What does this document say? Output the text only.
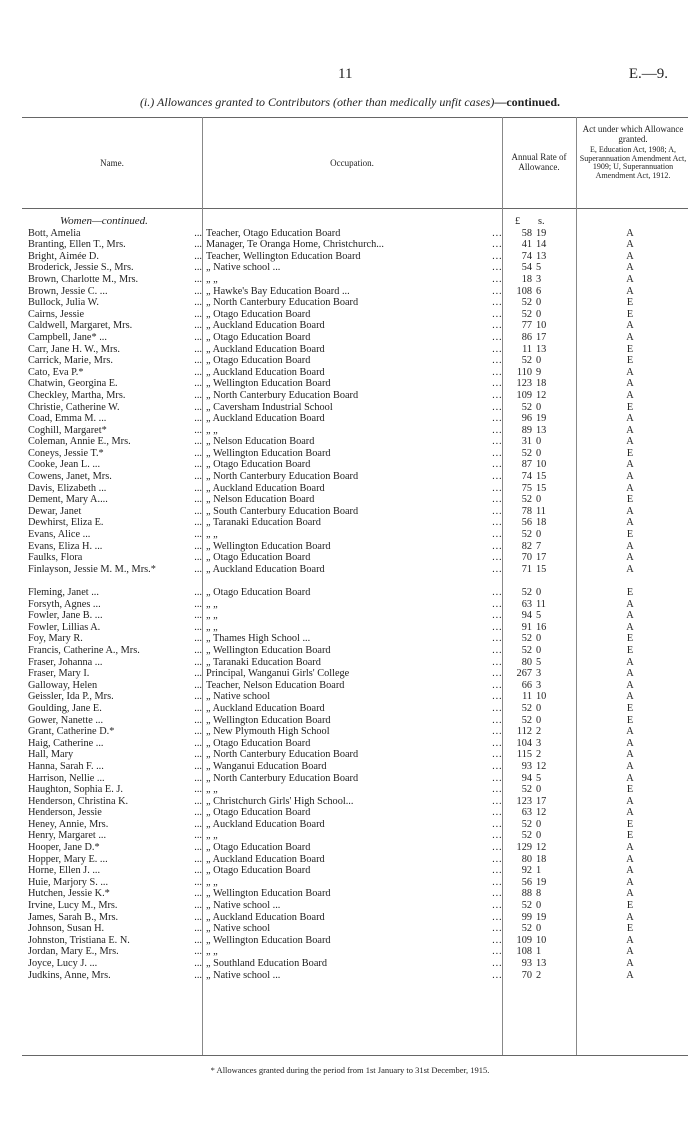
11	E.—9.
(i.) Allowances granted to Contributors (other than medically unfit cases)—continued.
Name.	Occupation.
Annual Rate of Allowance.
Act under which Allowance granted.
E, Education Act, 1908; A, Superannuation Amendment Act, 1909; U, Superannuation Amendment Act, 1912.
Women—continued.	£ s.
Bott, Amelia	... Teacher, Otago Education Board	…	58 19	A
Branting, Ellen T., Mrs.	... Manager, Te Oranga Home, Christchurch...	…	41 14	A
Bright, Aimée D.	... Teacher, Wellington Education Board	…	74 13	A
Broderick, Jessie S., Mrs.	... „ Native school ...	…	54 5	A
Brown, Charlotte M., Mrs.	... „ „	…	18 3	A
Brown, Jessie C. ...	... „ Hawke's Bay Education Board ...	…	108 6	A
Bullock, Julia W.	... „ North Canterbury Education Board	…	52 0	E
Cairns, Jessie	... „ Otago Education Board	…	52 0	E
Caldwell, Margaret, Mrs.	... „ Auckland Education Board	…	77 10	A
Campbell, Jane* ...	... „ Otago Education Board	…	86 17	A
Carr, Jane H. W., Mrs.	... „ Auckland Education Board	…	11 13	E
Carrick, Marie, Mrs.	... „ Otago Education Board	…	52 0	E
Cato, Eva P.*	... „ Auckland Education Board	…	110 9	A
Chatwin, Georgina E.	... „ Wellington Education Board	…	123 18	A
Checkley, Martha, Mrs.	... „ North Canterbury Education Board	…	109 12	A
Christie, Catherine W.	... „ Caversham Industrial School	…	52 0	E
Coad, Emma M. ...	... „ Auckland Education Board	…	96 19	A
Coghill, Margaret*	... „ „	…	89 13	A
Coleman, Annie E., Mrs.	... „ Nelson Education Board	…	31 0	A
Coneys, Jessie T.*	... „ Wellington Education Board	…	52 0	E
Cooke, Jean L. ...	... „ Otago Education Board	…	87 10	A
Cowens, Janet, Mrs.	... „ North Canterbury Education Board	…	74 15	A
Davis, Elizabeth ...	... „ Auckland Education Board	…	75 15	A
Dement, Mary A....	... „ Nelson Education Board	…	52 0	E
Dewar, Janet	... „ South Canterbury Education Board	…	78 11	A
Dewhirst, Eliza E.	... „ Taranaki Education Board	…	56 18	A
Evans, Alice ...	... „ „	…	52 0	E
Evans, Eliza H. ...	... „ Wellington Education Board	…	82 7	A
Faulks, Flora	... „ Otago Education Board	…	70 17	A
Finlayson, Jessie M. M., Mrs.*	... „ Auckland Education Board	…	71 15	A
Fleming, Janet ...	... „ Otago Education Board	…	52 0	E
Forsyth, Agnes ...	... „ „	…	63 11	A
Fowler, Jane B. ...	... „ „	…	94 5	A
Fowler, Lillias A.	... „ „	…	91 16	A
Foy, Mary R.	... „ Thames High School ...	…	52 0	E
Francis, Catherine A., Mrs.	... „ Wellington Education Board	…	52 0	E
Fraser, Johanna ...	... „ Taranaki Education Board	…	80 5	A
Fraser, Mary I.	... Principal, Wanganui Girls' College	…	267 3	A
Galloway, Helen	... Teacher, Nelson Education Board	…	66 3	A
Geissler, Ida P., Mrs.	... „ Native school	…	11 10	A
Goulding, Jane E.	... „ Auckland Education Board	…	52 0	E
Gower, Nanette ...	... „ Wellington Education Board	…	52 0	E
Grant, Catherine D.*	... „ New Plymouth High School	…	112 2	A
Haig, Catherine ...	... „ Otago Education Board	…	104 3	A
Hall, Mary	... „ North Canterbury Education Board	…	115 2	A
Hanna, Sarah F. ...	... „ Wanganui Education Board	…	93 12	A
Harrison, Nellie ...	... „ North Canterbury Education Board	…	94 5	A
Haughton, Sophia E. J.	... „ „	…	52 0	E
Henderson, Christina K.	... „ Christchurch Girls' High School...	…	123 17	A
Henderson, Jessie	... „ Otago Education Board	…	63 12	A
Heney, Annie, Mrs.	... „ Auckland Education Board	…	52 0	E
Henry, Margaret ...	... „ „	…	52 0	E
Hooper, Jane D.*	... „ Otago Education Board	…	129 12	A
Hopper, Mary E. ...	... „ Auckland Education Board	…	80 18	A
Horne, Ellen J. ...	... „ Otago Education Board	…	92 1	A
Huie, Marjory S. ...	... „ „	…	56 19	A
Hutchen, Jessie K.*	... „ Wellington Education Board	…	88 8	A
Irvine, Lucy M., Mrs.	... „ Native school ...	…	52 0	E
James, Sarah B., Mrs.	... „ Auckland Education Board	…	99 19	A
Johnson, Susan H.	... „ Native school	…	52 0	E
Johnston, Tristiana E. N.	... „ Wellington Education Board	…	109 10	A
Jordan, Mary E., Mrs.	... „ „	…	108 1	A
Joyce, Lucy J. ...	... „ Southland Education Board	…	93 13	A
Judkins, Anne, Mrs.	... „ Native school ...	…	70 2	A
* Allowances granted during the period from 1st January to 31st December, 1915.
